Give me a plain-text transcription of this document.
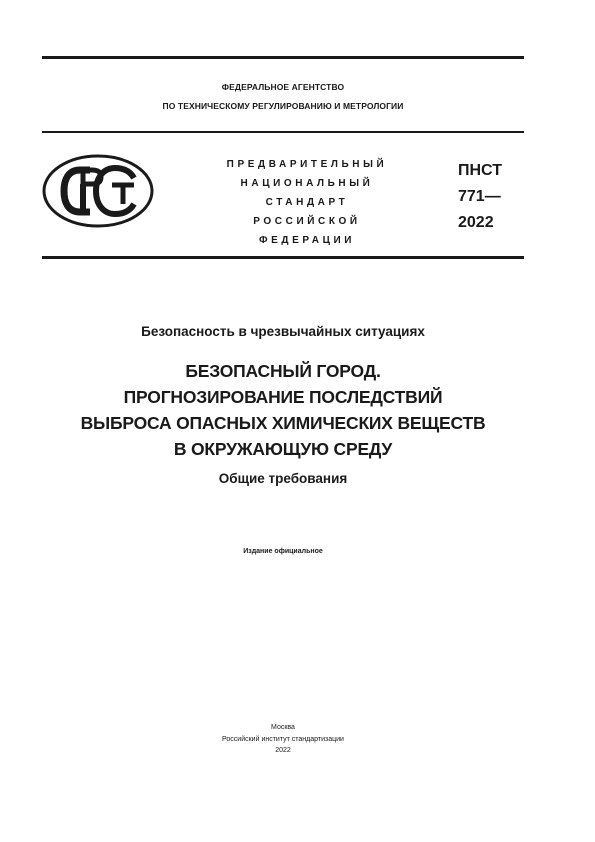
ФЕДЕРАЛЬНОЕ АГЕНТСТВО
ПО ТЕХНИЧЕСКОМУ РЕГУЛИРОВАНИЮ И МЕТРОЛОГИИ
ПРЕДВАРИТЕЛЬНЫЙ
НАЦИОНАЛЬНЫЙ
СТАНДАРТ
РОССИЙСКОЙ
ФЕДЕРАЦИИ
ПНСТ
771—
2022
Безопасность в чрезвычайных ситуациях
БЕЗОПАСНЫЙ ГОРОД.
ПРОГНОЗИРОВАНИЕ ПОСЛЕДСТВИЙ
ВЫБРОСА ОПАСНЫХ ХИМИЧЕСКИХ ВЕЩЕСТВ
В ОКРУЖАЮЩУЮ СРЕДУ
Общие требования
Издание официальное
Москва
Российский институт стандартизации
2022
